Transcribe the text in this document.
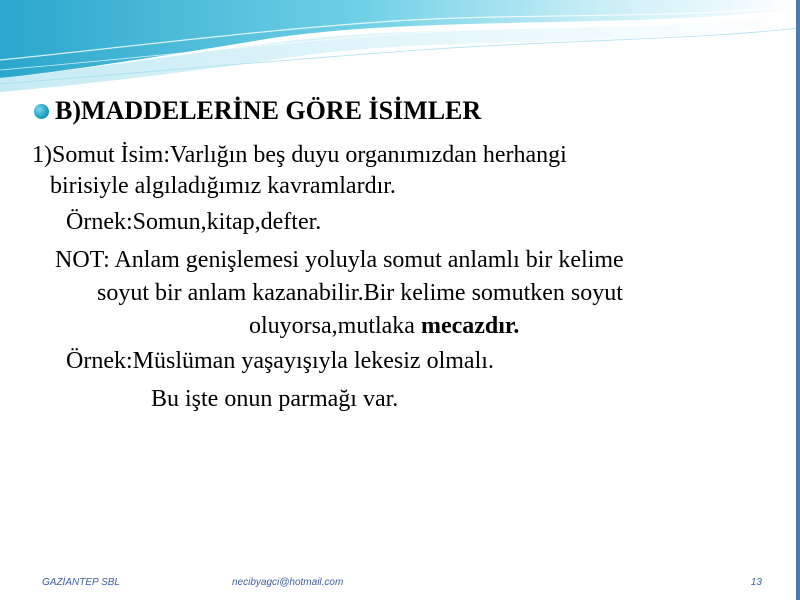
B)MADDELERİNE GÖRE İSİMLER
1)Somut İsim:Varlığın beş duyu organımızdan herhangi
birisiyle algıladığımız kavramlardır.
Örnek:Somun,kitap,defter.
NOT: Anlam genişlemesi yoluyla somut anlamlı bir kelime
soyut bir anlam kazanabilir.Bir kelime somutken soyut
oluyorsa,mutlaka mecazdır.
Örnek:Müslüman yaşayışıyla lekesiz olmalı.
Bu işte onun parmağı var.
GAZİANTEP SBL	necibyagci@hotmail.com	13
